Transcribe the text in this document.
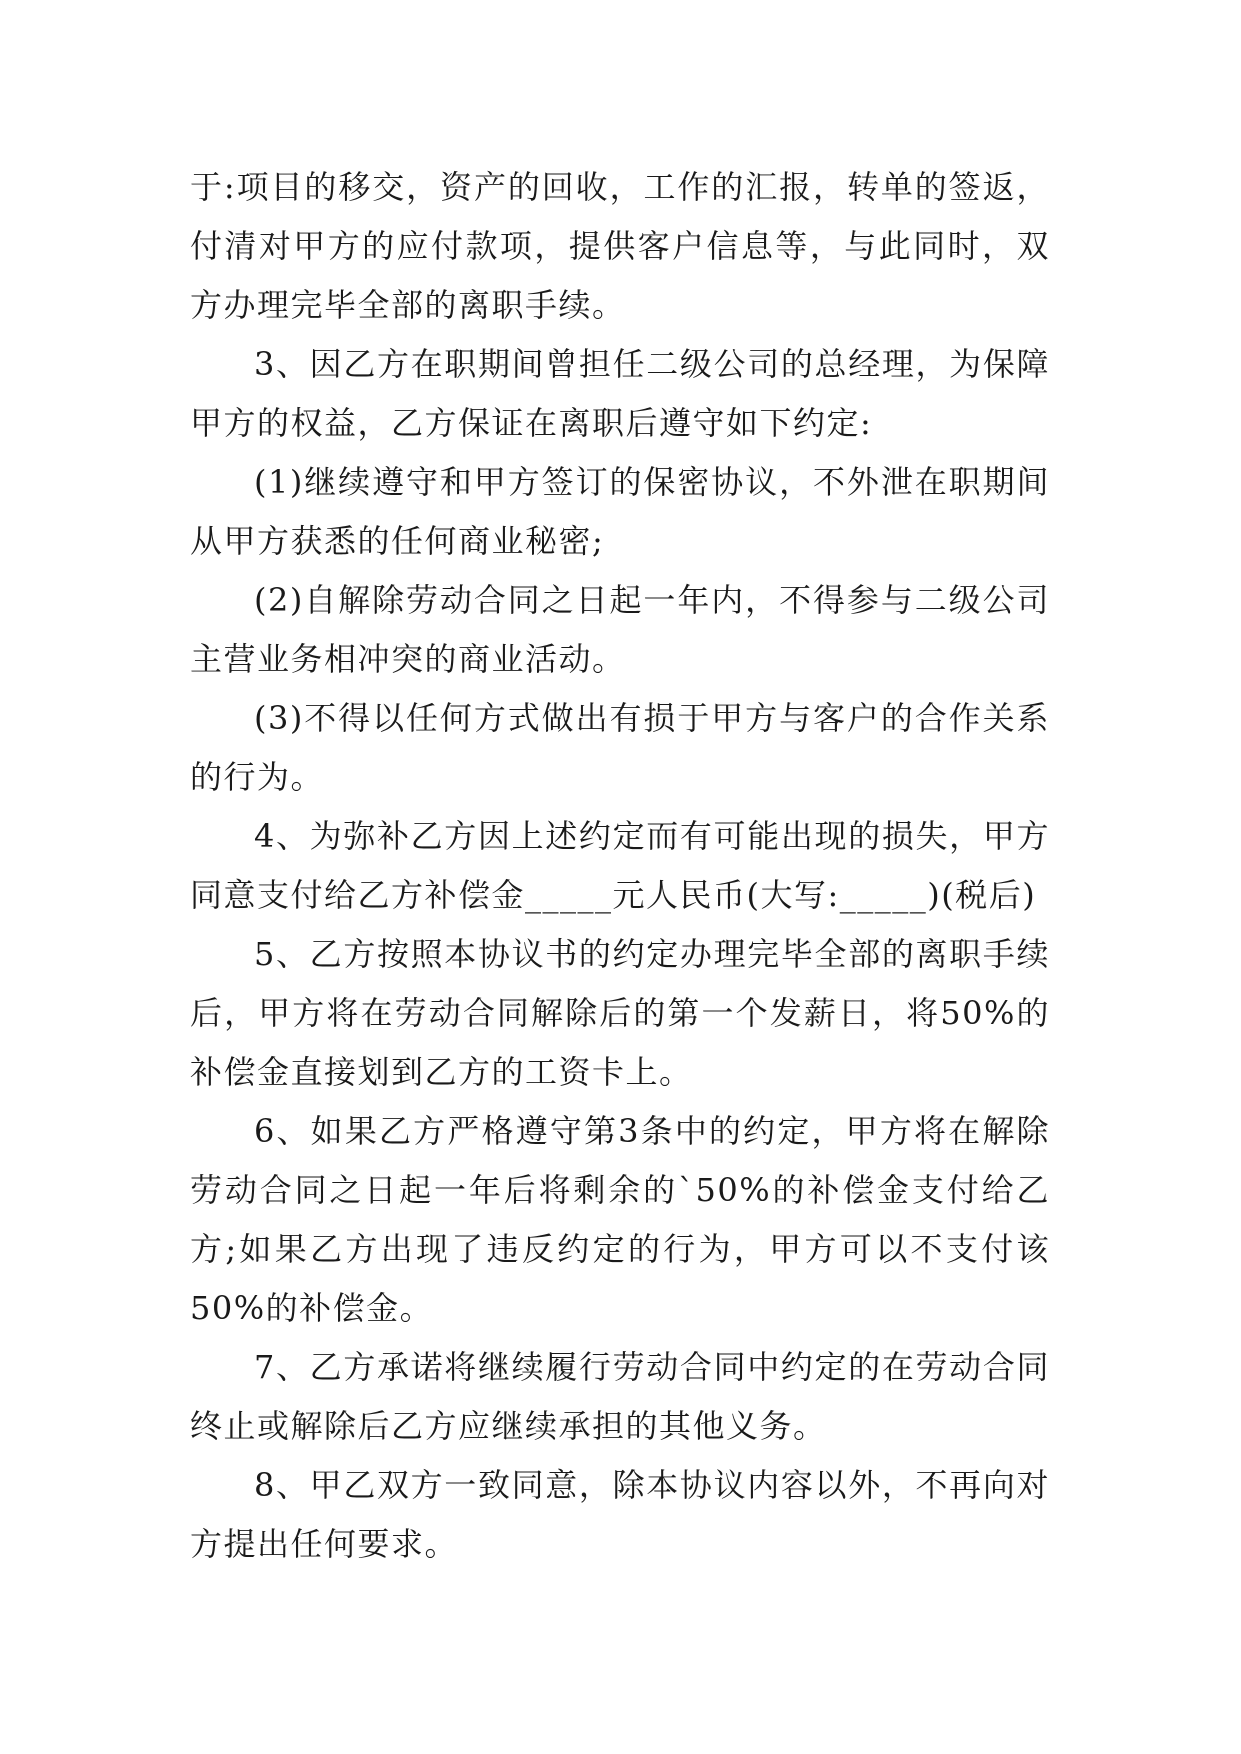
于:项目的移交，资产的回收，工作的汇报，转单的签返，付清对甲方的应付款项，提供客户信息等，与此同时，双方办理完毕全部的离职手续。

3、因乙方在职期间曾担任二级公司的总经理，为保障甲方的权益，乙方保证在离职后遵守如下约定:

(1)继续遵守和甲方签订的保密协议，不外泄在职期间从甲方获悉的任何商业秘密;

(2)自解除劳动合同之日起一年内，不得参与二级公司主营业务相冲突的商业活动。

(3)不得以任何方式做出有损于甲方与客户的合作关系的行为。

4、为弥补乙方因上述约定而有可能出现的损失，甲方同意支付给乙方补偿金_____元人民币(大写:_____)(税后)

5、乙方按照本协议书的约定办理完毕全部的离职手续后，甲方将在劳动合同解除后的第一个发薪日，将50%的补偿金直接划到乙方的工资卡上。

6、如果乙方严格遵守第3条中的约定，甲方将在解除劳动合同之日起一年后将剩余的`50%的补偿金支付给乙方;如果乙方出现了违反约定的行为，甲方可以不支付该50%的补偿金。

7、乙方承诺将继续履行劳动合同中约定的在劳动合同终止或解除后乙方应继续承担的其他义务。

8、甲乙双方一致同意，除本协议内容以外，不再向对方提出任何要求。
